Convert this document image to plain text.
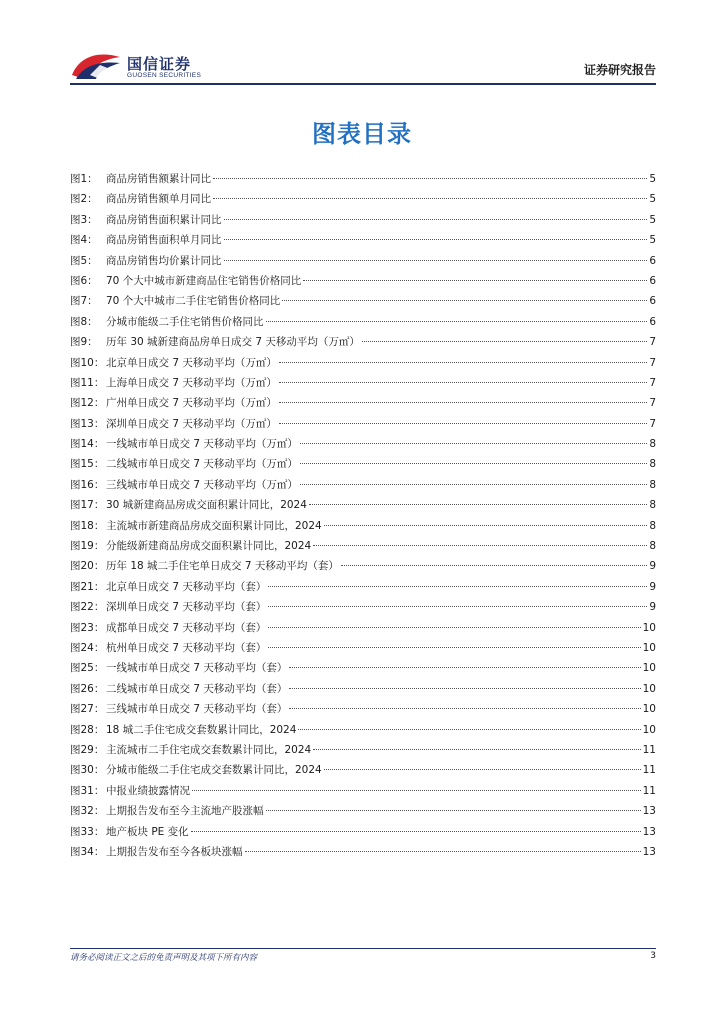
国信证券
GUOSEN SECURITIES	证券研究报告
图表目录
图1： 商品房销售额累计同比	5
图2： 商品房销售额单月同比	5
图3： 商品房销售面积累计同比	5
图4： 商品房销售面积单月同比	5
图5： 商品房销售均价累计同比	6
图6： 70 个大中城市新建商品住宅销售价格同比	6
图7： 70 个大中城市二手住宅销售价格同比	6
图8： 分城市能级二手住宅销售价格同比	6
图9： 历年 30 城新建商品房单日成交 7 天移动平均（万㎡）	7
图10： 北京单日成交 7 天移动平均（万㎡）	7
图11： 上海单日成交 7 天移动平均（万㎡）	7
图12： 广州单日成交 7 天移动平均（万㎡）	7
图13： 深圳单日成交 7 天移动平均（万㎡）	7
图14： 一线城市单日成交 7 天移动平均（万㎡）	8
图15： 二线城市单日成交 7 天移动平均（万㎡）	8
图16： 三线城市单日成交 7 天移动平均（万㎡）	8
图17： 30 城新建商品房成交面积累计同比，2024	8
图18： 主流城市新建商品房成交面积累计同比，2024	8
图19： 分能级新建商品房成交面积累计同比，2024	8
图20： 历年 18 城二手住宅单日成交 7 天移动平均（套）	9
图21： 北京单日成交 7 天移动平均（套）	9
图22： 深圳单日成交 7 天移动平均（套）	9
图23： 成都单日成交 7 天移动平均（套）	10
图24： 杭州单日成交 7 天移动平均（套）	10
图25： 一线城市单日成交 7 天移动平均（套）	10
图26： 二线城市单日成交 7 天移动平均（套）	10
图27： 三线城市单日成交 7 天移动平均（套）	10
图28： 18 城二手住宅成交套数累计同比，2024	10
图29： 主流城市二手住宅成交套数累计同比，2024	11
图30： 分城市能级二手住宅成交套数累计同比，2024	11
图31： 中报业绩披露情况	11
图32： 上期报告发布至今主流地产股涨幅	13
图33： 地产板块 PE 变化	13
图34： 上期报告发布至今各板块涨幅	13
请务必阅读正文之后的免责声明及其项下所有内容	3
